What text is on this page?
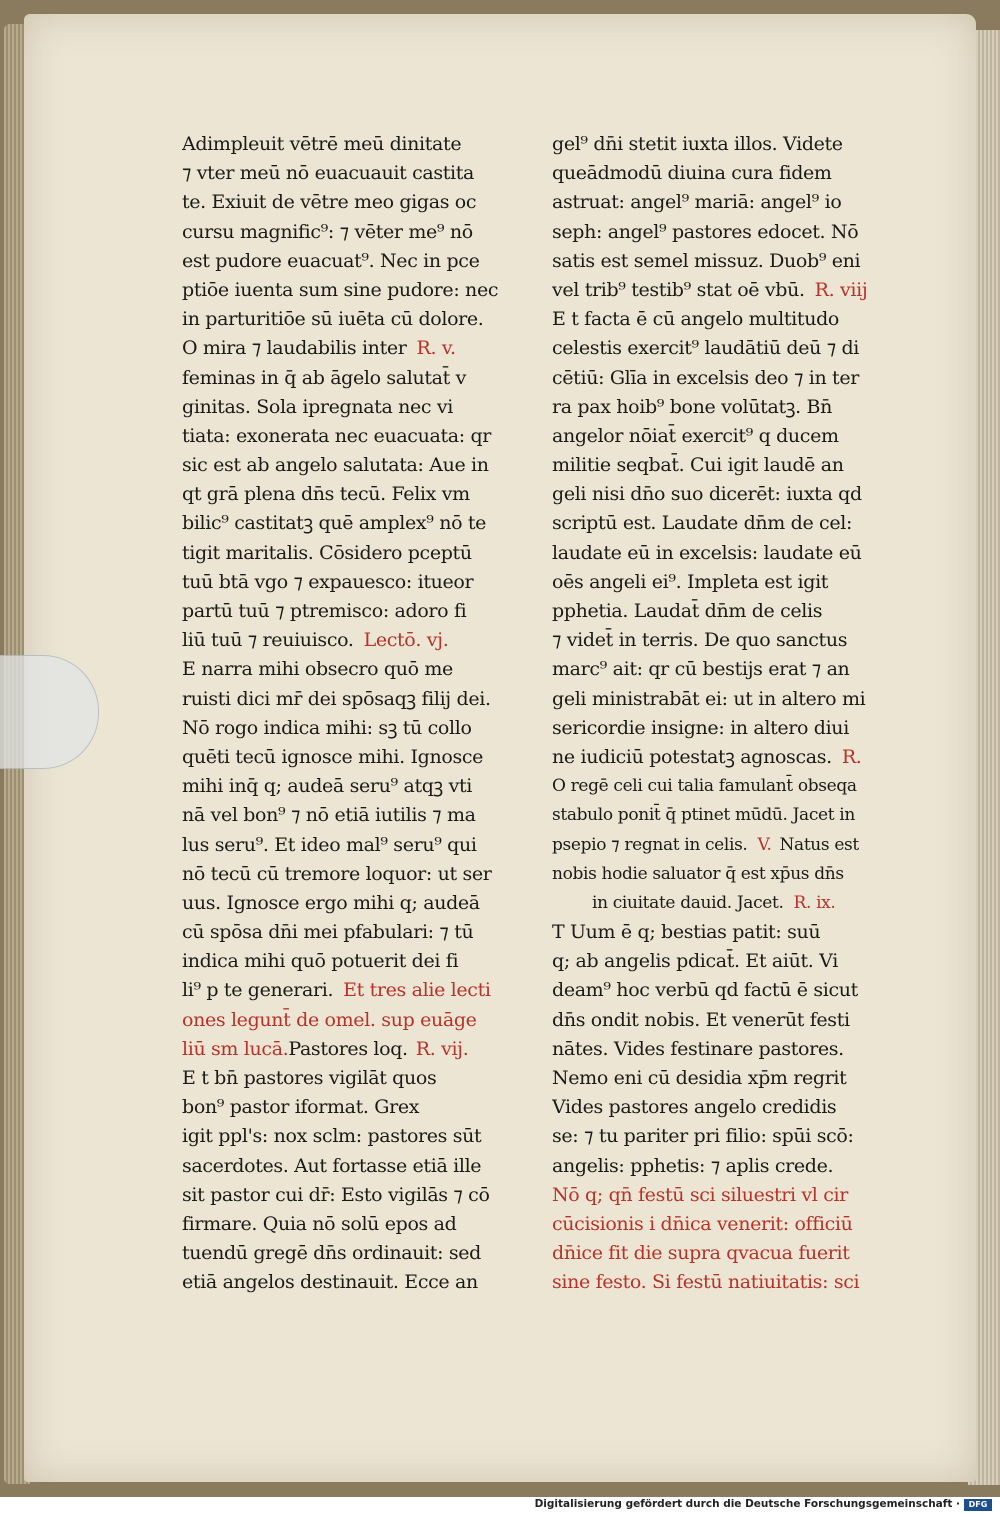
Adimpleuit vētrē meū dinitate
⁊ vter meū nō euacuauit castita
te. Exiuit de vētre meo gigas oc
cursu magnific⁹: ⁊ vēter me⁹ nō
est pudore euacuat⁹. Nec in pce
ptiōe iuenta sum sine pudore: nec
in parturitiōe sū iuēta cū dolore.
O mira ⁊ laudabilis inter R. v.
feminas in q̄ ab āgelo salutat̄ v
ginitas. Sola ipregnata nec vi
tiata: exonerata nec euacuata: qr
sic est ab angelo salutata: Aue in
qt grā plena dn̄s tecū. Felix vm
bilic⁹ castitatꝫ quē amplex⁹ nō te
tigit maritalis. Cōsidero pceptū
tuū btā vgo ⁊ expauesco: itueor
partū tuū ⁊ ptremisco: adoro fi
liū tuū ⁊ reuiuisco. Lectō. vj.
E narra mihi obsecro quō me
ruisti dici mr̄ dei spōsaqꝫ filij dei.
Nō rogo indica mihi: sꝫ tū collo
quēti tecū ignosce mihi. Ignosce
mihi inq̄ q; audeā seru⁹ atqꝫ vti
nā vel bon⁹ ⁊ nō etiā iutilis ⁊ ma
lus seru⁹. Et ideo mal⁹ seru⁹ qui
nō tecū cū tremore loquor: ut ser
uus. Ignosce ergo mihi q; audeā
cū spōsa dn̄i mei pfabulari: ⁊ tū
indica mihi quō potuerit dei fi
li⁹ p te generari. Et tres alie lecti
ones legunt̄ de omel. sup euāge
liū sm lucā.Pastores loq. R. vij.
E t bn̄ pastores vigilāt quos
bon⁹ pastor iformat. Grex
igit ppl's: nox sclm: pastores sūt
sacerdotes. Aut fortasse etiā ille
sit pastor cui dr̄: Esto vigilās ⁊ cō
firmare. Quia nō solū epos ad
tuendū gregē dn̄s ordinauit: sed
etiā angelos destinauit. Ecce an
gel⁹ dn̄i stetit iuxta illos. Videte
queādmodū diuina cura fidem
astruat: angel⁹ mariā: angel⁹ io
seph: angel⁹ pastores edocet. Nō
satis est semel missuz. Duob⁹ eni
vel trib⁹ testib⁹ stat oē vbū. R. viij
E t facta ē cū angelo multitudo
celestis exercit⁹ laudātiū deū ⁊ di
cētiū: Glīa in excelsis deo ⁊ in ter
ra pax hoib⁹ bone volūtatꝫ. Bn̄
angelor nōiat̄ exercit⁹ q ducem
militie seqbat̄. Cui igit laudē an
geli nisi dn̄o suo dicerēt: iuxta qd
scriptū est. Laudate dn̄m de cel:
laudate eū in excelsis: laudate eū
oēs angeli ei⁹. Impleta est igit
pphetia. Laudat̄ dn̄m de celis
⁊ videt̄ in terris. De quo sanctus
marc⁹ ait: qr cū bestijs erat ⁊ an
geli ministrabāt ei: ut in altero mi
sericordie insigne: in altero diui
ne iudiciū potestatꝫ agnoscas. R.
O regē celi cui talia famulant̄ obseqa
stabulo ponit̄ q̄ ptinet mūdū. Jacet in
psepio ⁊ regnat in celis. V. Natus est
nobis hodie saluator q̄ est xp̄us dn̄s
in ciuitate dauid. Jacet. R. ix.
T Uum ē q; bestias patit: suū
q; ab angelis pdicat̄. Et aiūt. Vi
deam⁹ hoc verbū qd factū ē sicut
dn̄s ondit nobis. Et venerūt festi
nātes. Vides festinare pastores.
Nemo eni cū desidia xp̄m regrit
Vides pastores angelo credidis
se: ⁊ tu pariter pri filio: spūi scō:
angelis: pphetis: ⁊ aplis crede.
Nō q; qn̄ festū sci siluestri vl cir
cūcisionis i dn̄ica venerit: officiū
dn̄ice fit die supra qvacua fuerit
sine festo. Si festū natiuitatis: sci
Digitalisierung gefördert durch die Deutsche Forschungsgemeinschaft ·	DFG
